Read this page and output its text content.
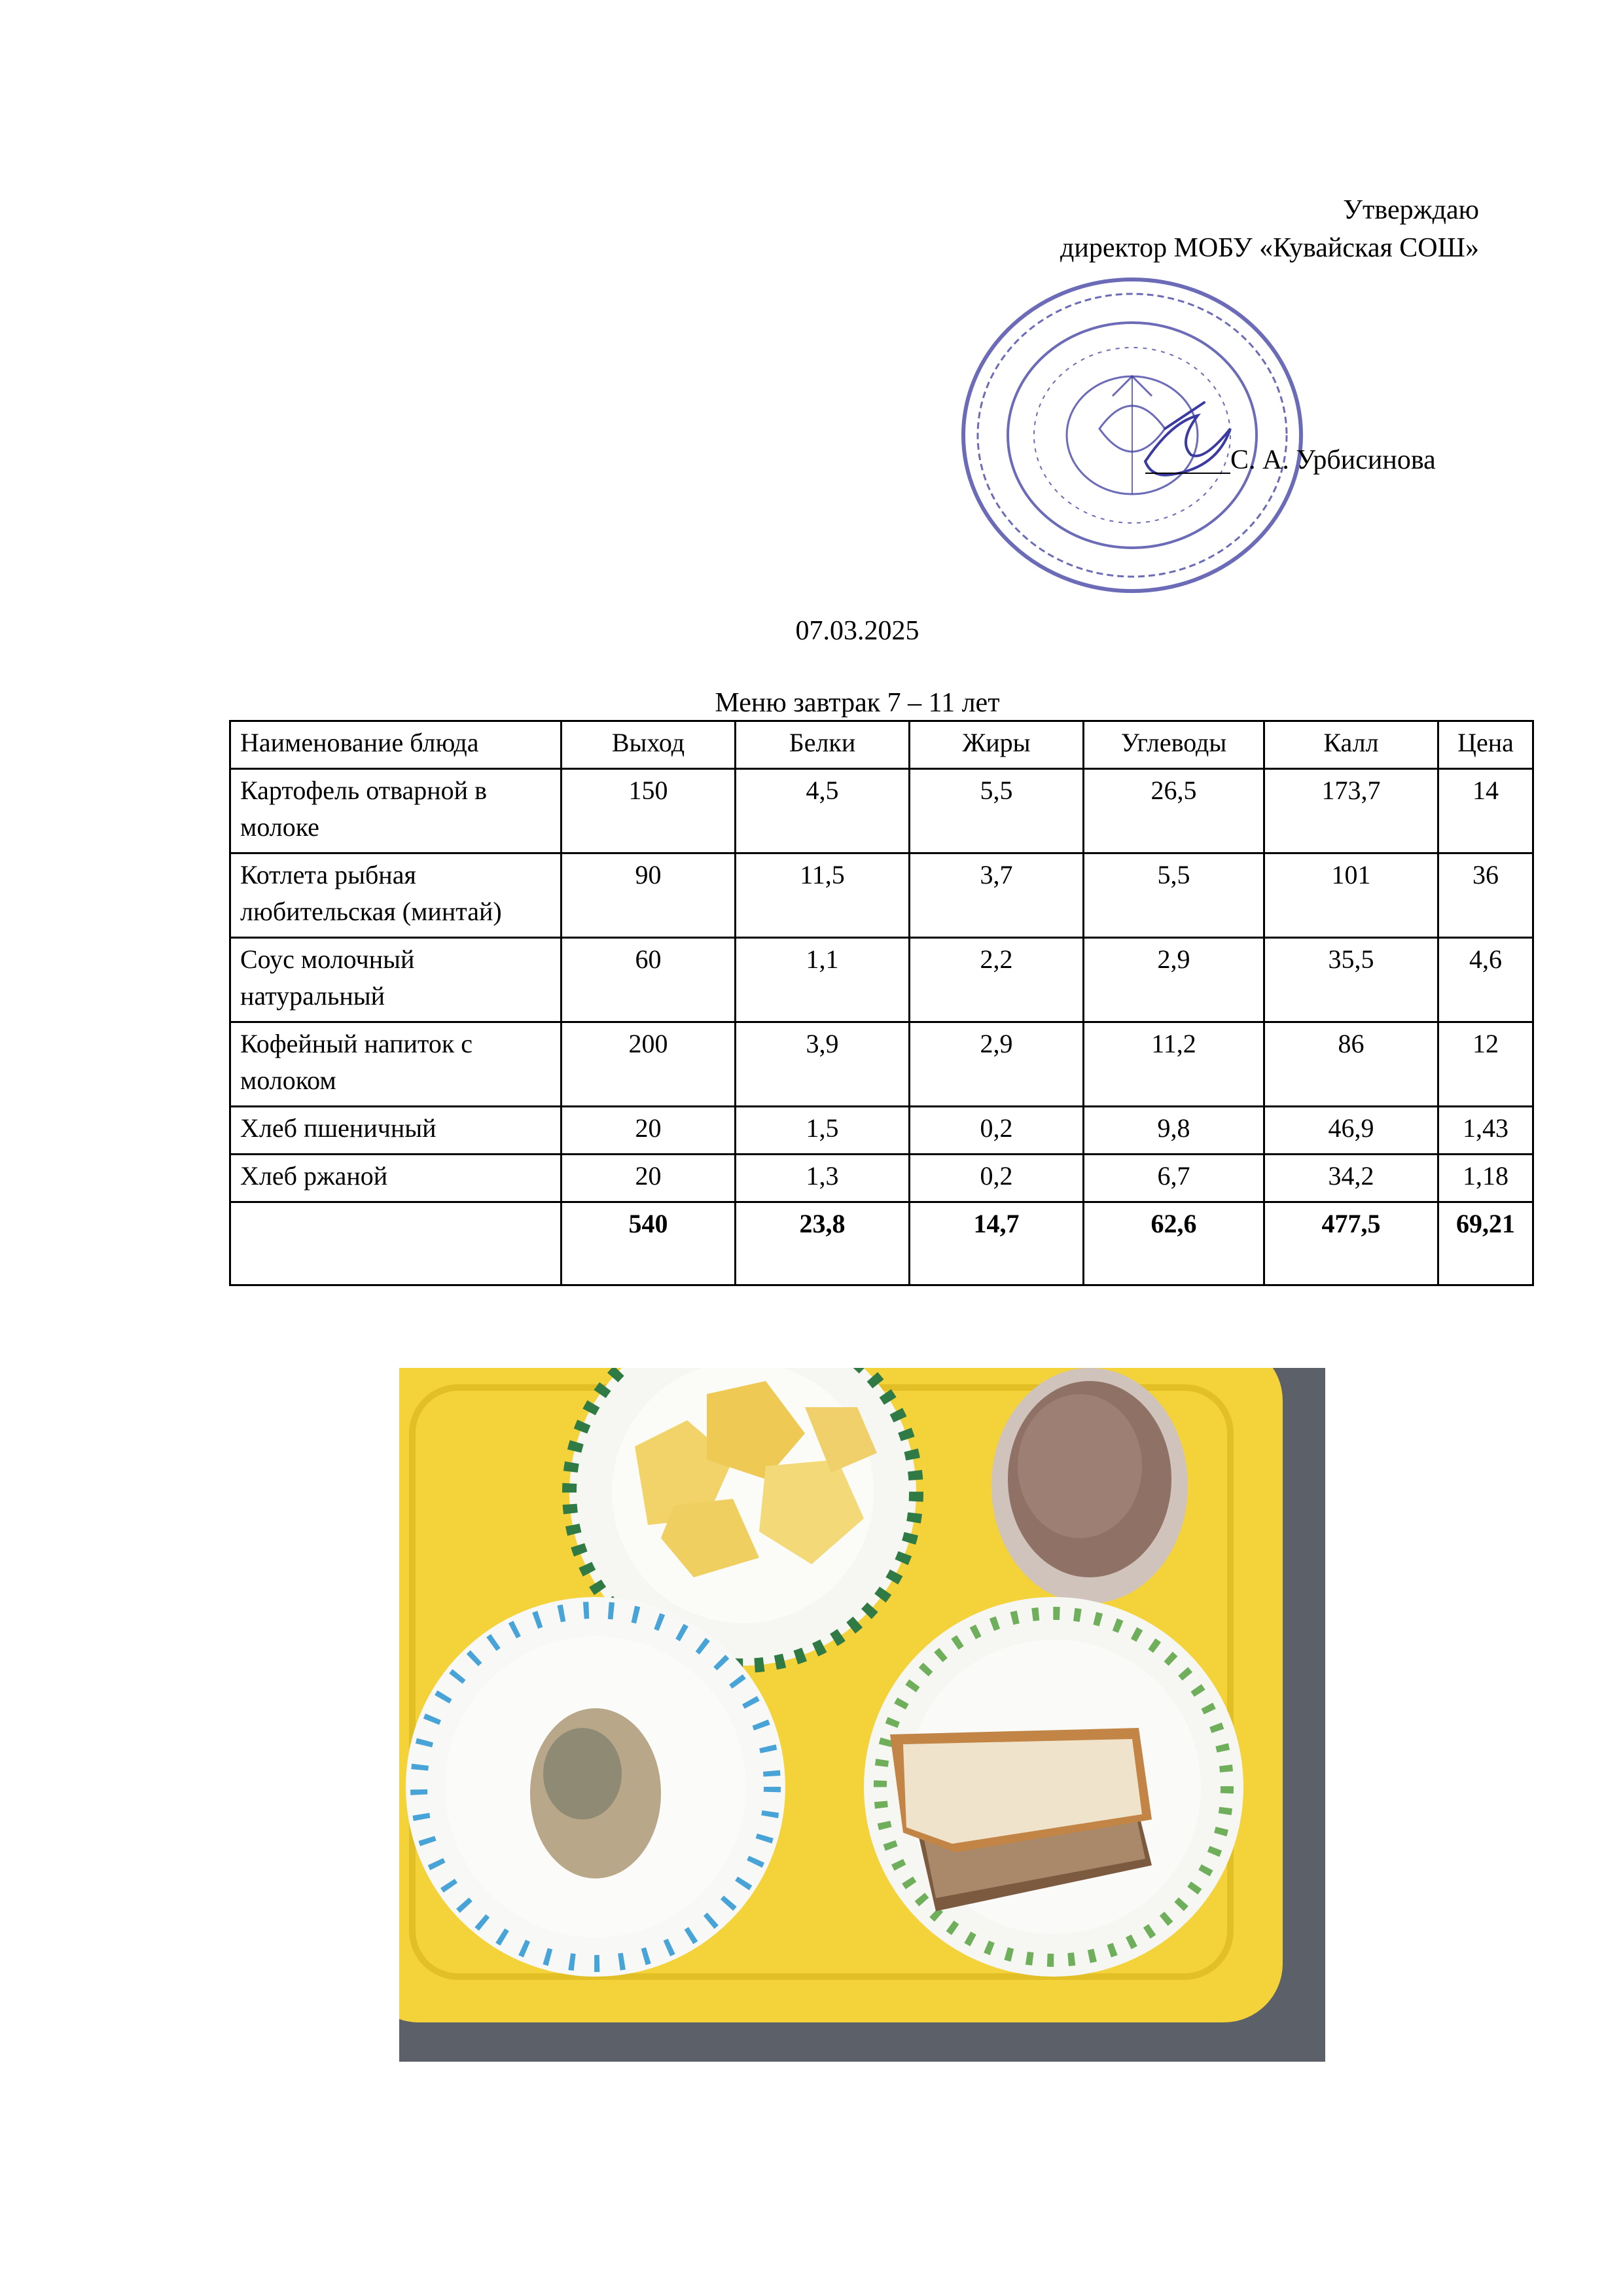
Утверждаю
директор МОБУ «Кувайская СОШ»
С. А. Урбисинова
07.03.2025
Меню завтрак 7 – 11 лет
Наименование блюда	Выход	Белки	Жиры	Углеводы	Калл	Цена
Картофель отварной в молоке	150	4,5	5,5	26,5	173,7	14
Котлета рыбная любительская (минтай)	90	11,5	3,7	5,5	101	36
Соус молочный натуральный	60	1,1	2,2	2,9	35,5	4,6
Кофейный напиток с молоком	200	3,9	2,9	11,2	86	12
Хлеб пшеничный	20	1,5	0,2	9,8	46,9	1,43
Хлеб ржаной	20	1,3	0,2	6,7	34,2	1,18
	540	23,8	14,7	62,6	477,5	69,21
